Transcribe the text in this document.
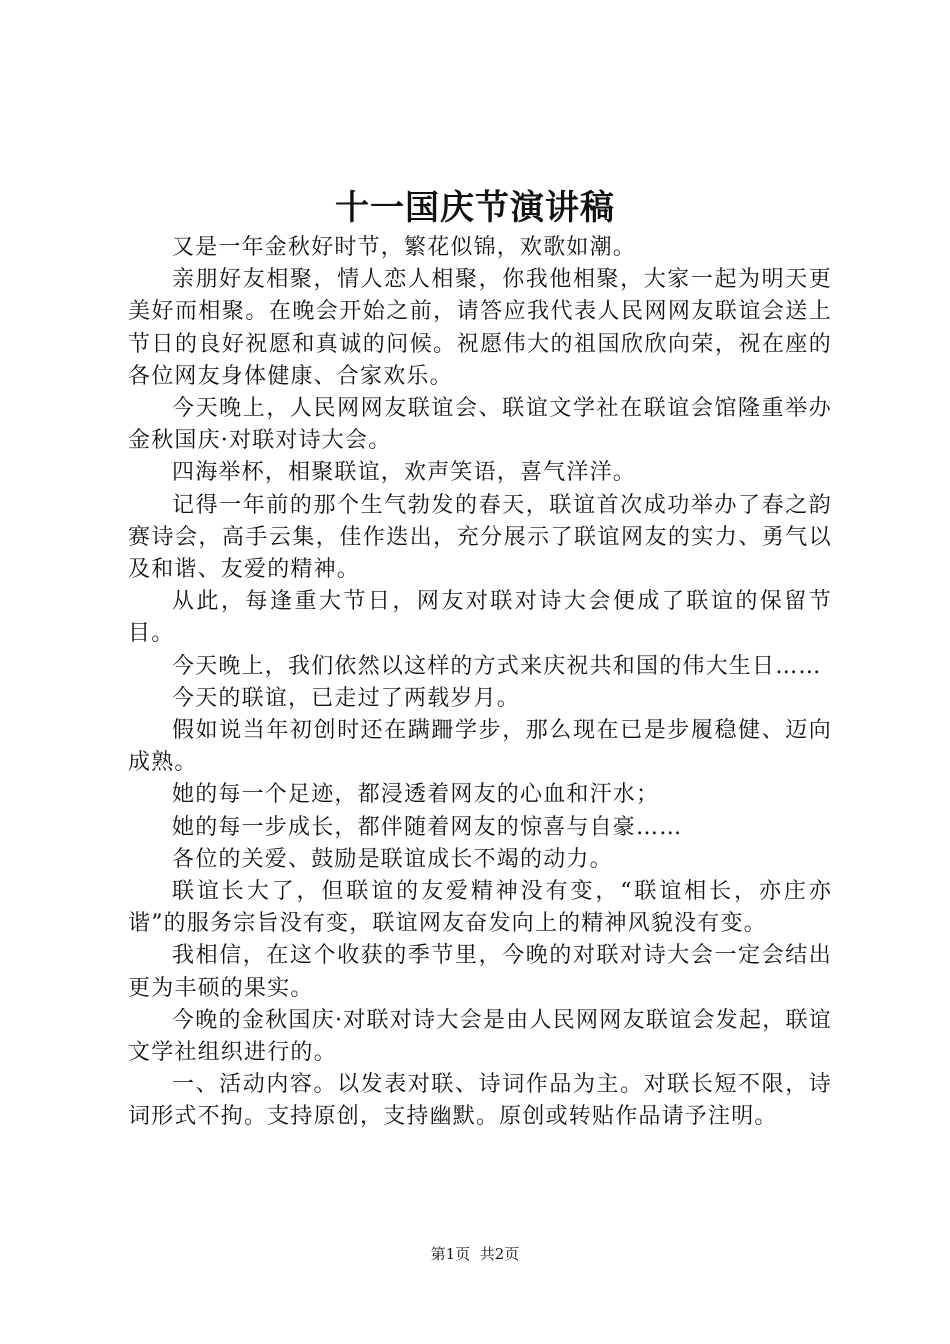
十一国庆节演讲稿

又是一年金秋好时节，繁花似锦，欢歌如潮。

亲朋好友相聚，情人恋人相聚，你我他相聚，大家一起为明天更美好而相聚。在晚会开始之前，请答应我代表人民网网友联谊会送上节日的良好祝愿和真诚的问候。祝愿伟大的祖国欣欣向荣，祝在座的各位网友身体健康、合家欢乐。

今天晚上，人民网网友联谊会、联谊文学社在联谊会馆隆重举办金秋国庆·对联对诗大会。

四海举杯，相聚联谊，欢声笑语，喜气洋洋。

记得一年前的那个生气勃发的春天，联谊首次成功举办了春之韵赛诗会，高手云集，佳作迭出，充分展示了联谊网友的实力、勇气以及和谐、友爱的精神。

从此，每逢重大节日，网友对联对诗大会便成了联谊的保留节目。

今天晚上，我们依然以这样的方式来庆祝共和国的伟大生日……

今天的联谊，已走过了两载岁月。

假如说当年初创时还在蹒跚学步，那么现在已是步履稳健、迈向成熟。

她的每一个足迹，都浸透着网友的心血和汗水；

她的每一步成长，都伴随着网友的惊喜与自豪……

各位的关爱、鼓励是联谊成长不竭的动力。

联谊长大了，但联谊的友爱精神没有变，“联谊相长，亦庄亦谐”的服务宗旨没有变，联谊网友奋发向上的精神风貌没有变。

我相信，在这个收获的季节里，今晚的对联对诗大会一定会结出更为丰硕的果实。

今晚的金秋国庆·对联对诗大会是由人民网网友联谊会发起，联谊文学社组织进行的。

一、活动内容。以发表对联、诗词作品为主。对联长短不限，诗词形式不拘。支持原创，支持幽默。原创或转贴作品请予注明。

第1页 共2页
